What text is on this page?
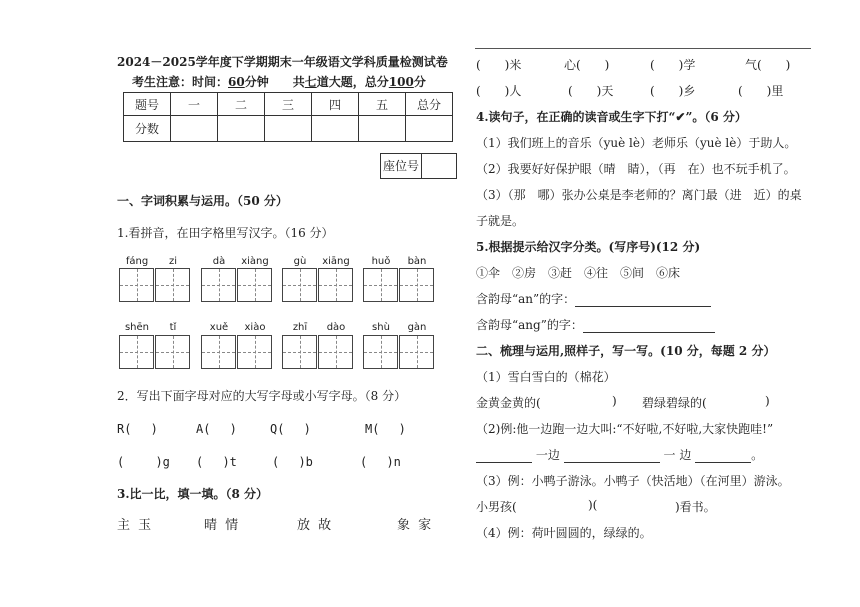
2024－2025学年度下学期期末一年级语文学科质量检测试卷
考生注意：时间：60分钟　　共七道大题，总分100分
题号	一	二	三	四	五	总分
分数						
座位号
一、字词积累与运用。（50 分）
1.看拼音，在田字格里写汉字。（16 分）
fáng	zi	dà	xiàng	gù	xiāng	huǒ	bàn
shēn	tǐ	xuě	xiào	zhī	dào	shù	gàn
2．写出下面字母对应的大写字母或小写字母。（8 分）
R(　 )	A(　 )	Q(　 )	M(　 )
(　 　)g (　 )t	(　 )b	(　 )n
3.比一比，填一填。（8 分）
主 玉	晴 情	放 故	象 家
(　　)米	心(　　)	(　　)学	气(　　)
(　　)人	(　　)天	(　　)乡	(　　)里
4.读句子，在正确的读音或生字下打“✔”。（6 分）
（1）我们班上的音乐（yuè lè）老师乐（yuè lè）于助人。
（2）我要好好保护眼（晴　睛），（再　在）也不玩手机了。
（3）（那　哪）张办公桌是李老师的？离门最（进　近）的桌
子就是。
5.根据提示给汉字分类。(写序号)(12 分)
①伞　②房　③赶　④往　⑤间　⑥床
含韵母“an”的字：
含韵母“ang”的字：
二、梳理与运用,照样子，写一写。(10 分，每题 2 分）
（1）雪白雪白的（棉花）
金黄金黄的(	) 碧绿碧绿的(	)
（2)例:他一边跑一边大叫:“不好啦,不好啦,大家快跑哇!”
一边	一 边	。
（3）例：小鸭子游泳。小鸭子（快活地）（在河里）游泳。
小男孩(	)(	)看书。
（4）例：荷叶圆圆的，绿绿的。
